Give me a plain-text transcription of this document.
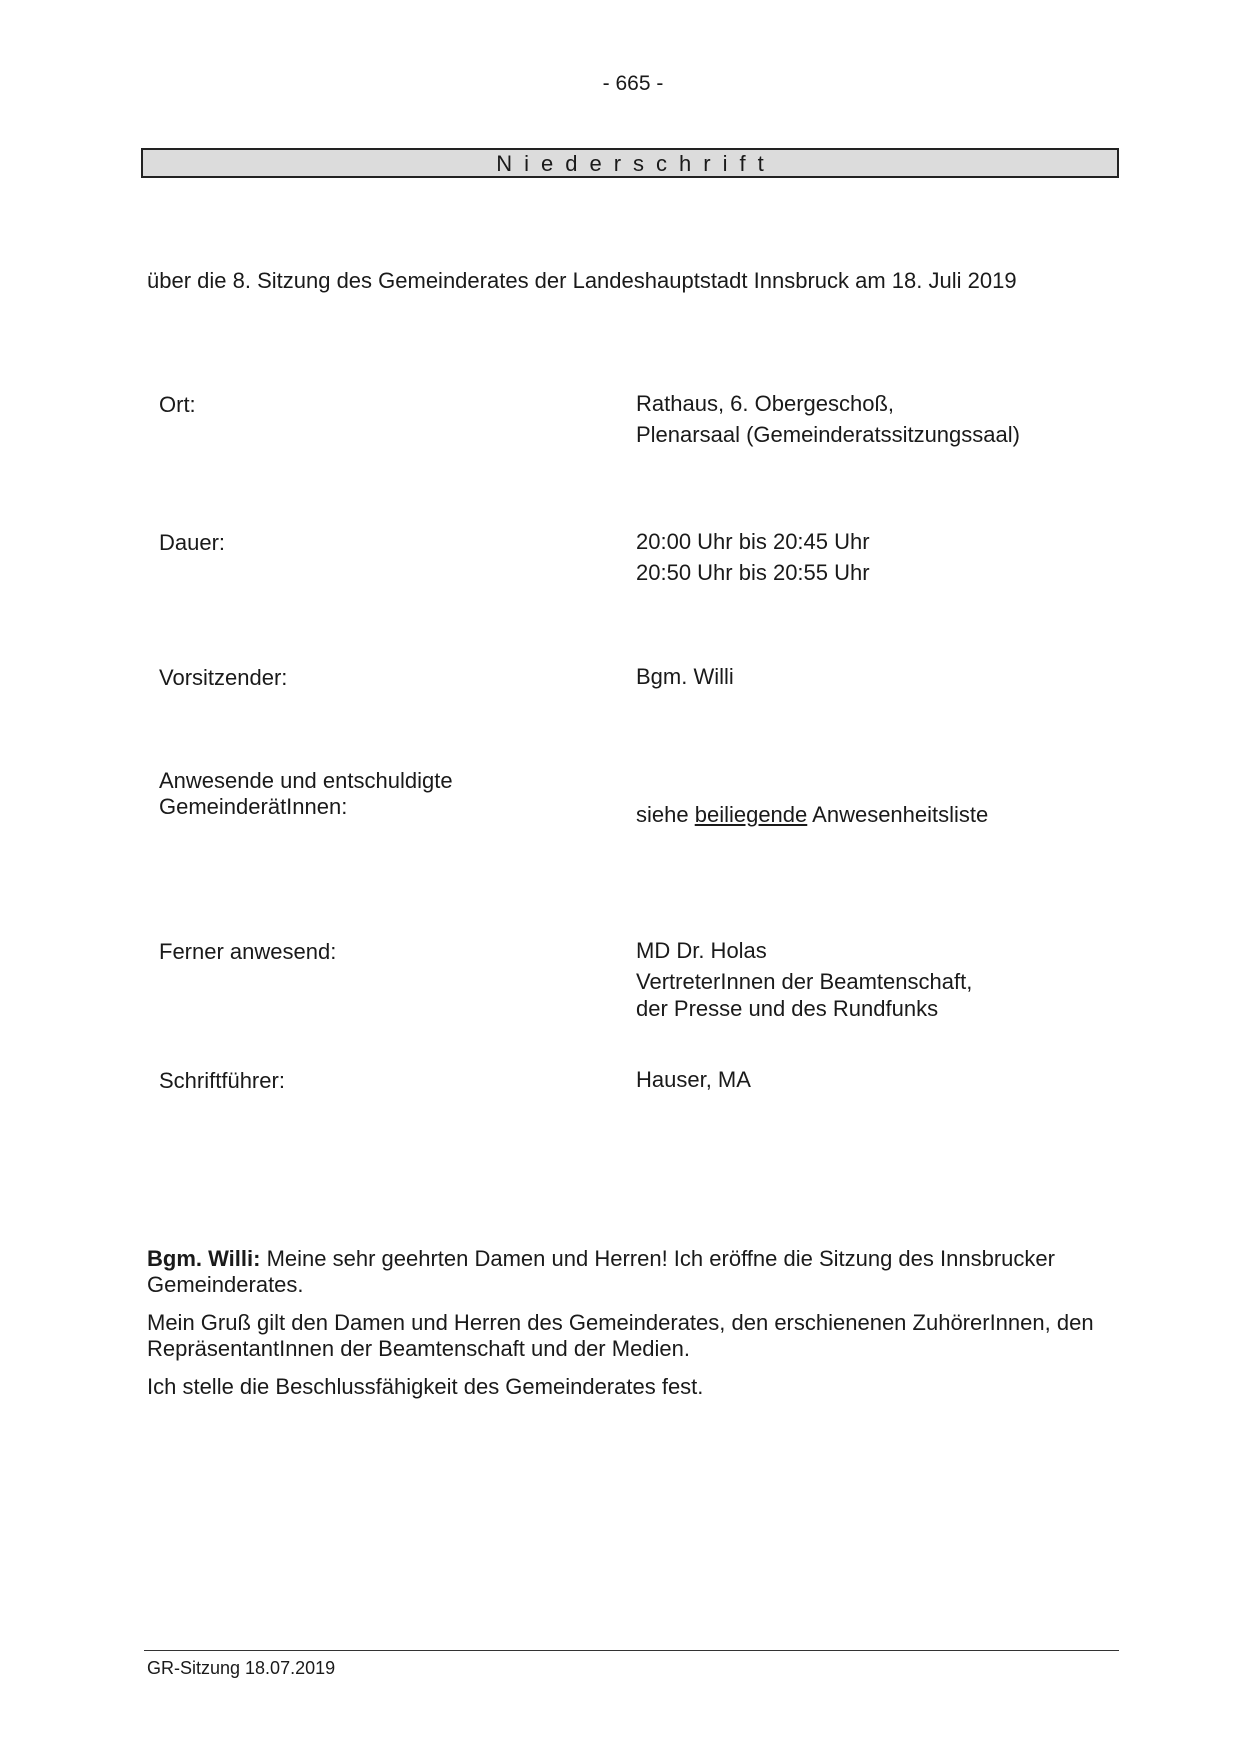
- 665 -
Niederschrift
über die 8. Sitzung des Gemeinderates der Landeshauptstadt Innsbruck am 18. Juli 2019
Ort:	Rathaus, 6. Obergeschoß,
Plenarsaal (Gemeinderatssitzungssaal)
Dauer:	20:00 Uhr bis 20:45 Uhr
20:50 Uhr bis 20:55 Uhr
Vorsitzender:	Bgm. Willi
Anwesende und entschuldigte
GemeinderätInnen:	siehe beiliegende Anwesenheitsliste
Ferner anwesend:	MD Dr. Holas
VertreterInnen der Beamtenschaft,
der Presse und des Rundfunks
Schriftführer:	Hauser, MA

Bgm. Willi: Meine sehr geehrten Damen und Herren! Ich eröffne die Sitzung des Innsbrucker Gemeinderates.

Mein Gruß gilt den Damen und Herren des Gemeinderates, den erschienenen ZuhörerInnen, den RepräsentantInnen der Beamtenschaft und der Medien.

Ich stelle die Beschlussfähigkeit des Gemeinderates fest.

GR-Sitzung 18.07.2019
